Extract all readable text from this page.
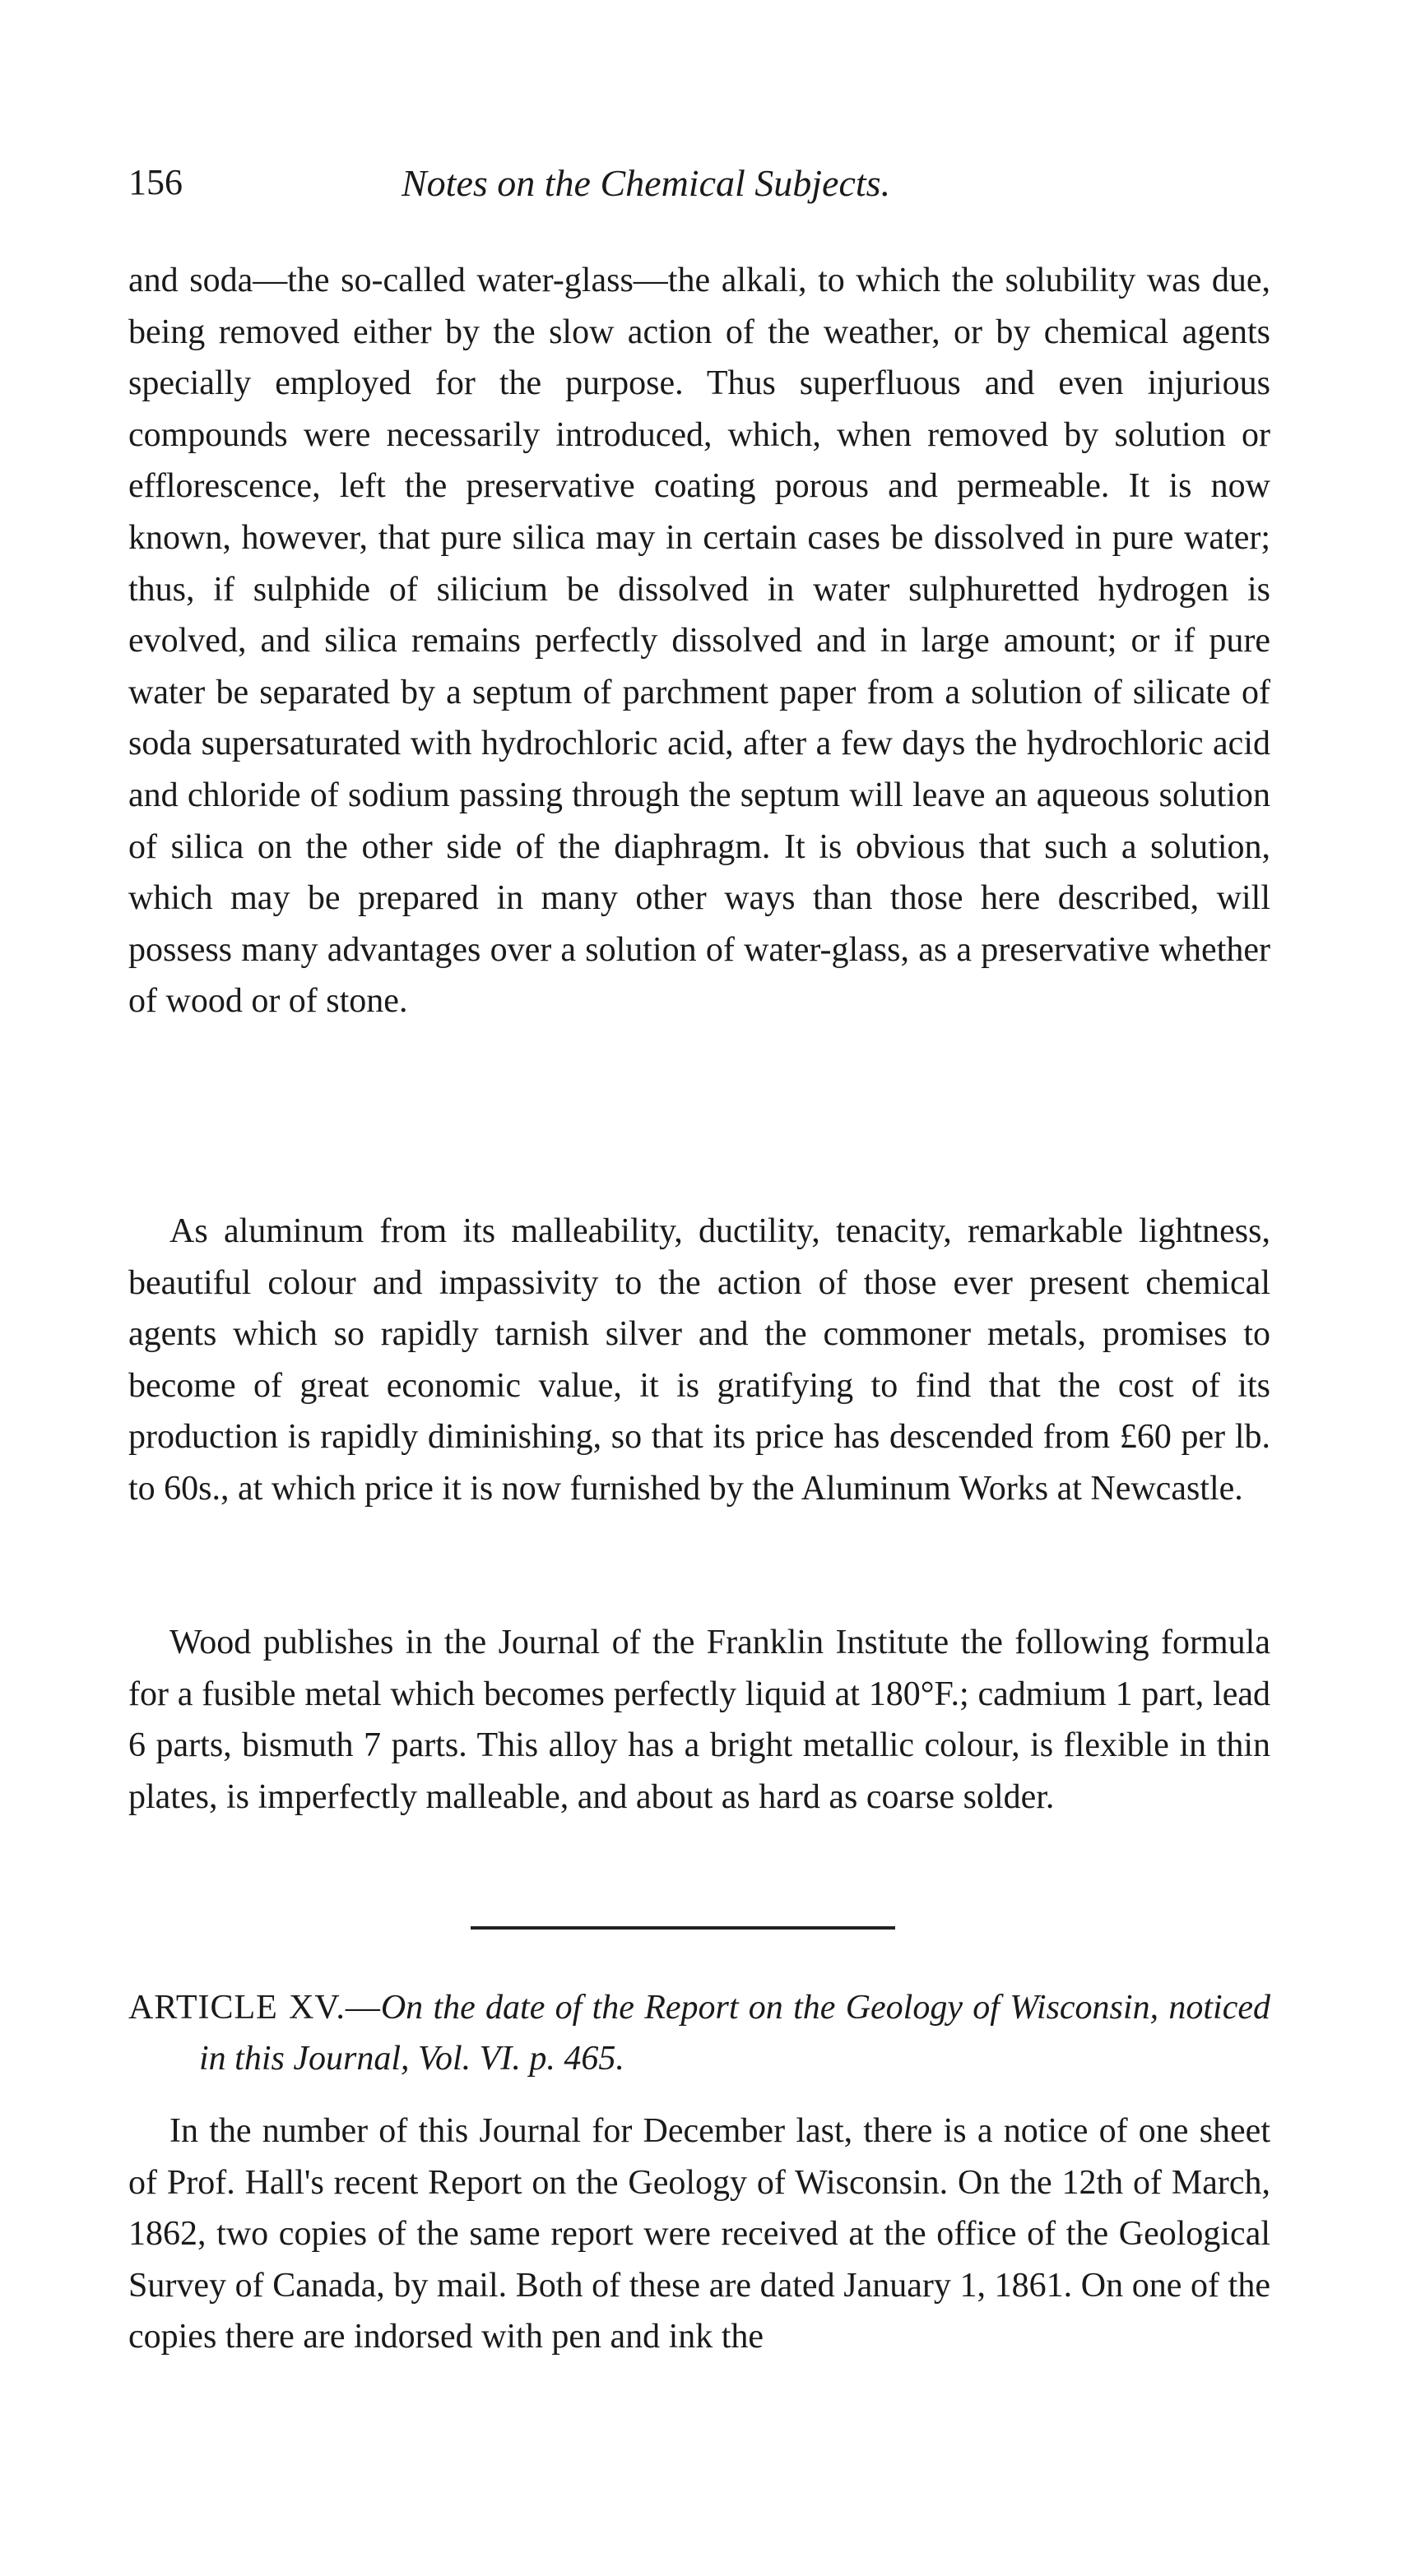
156	Notes on the Chemical Subjects.
and soda—the so-called water-glass—the alkali, to which the solubility was due, being removed either by the slow action of the weather, or by chemical agents specially employed for the purpose. Thus superfluous and even injurious compounds were necessarily introduced, which, when removed by solution or efflorescence, left the preservative coating porous and permeable. It is now known, however, that pure silica may in certain cases be dissolved in pure water; thus, if sulphide of silicium be dissolved in water sulphuretted hydrogen is evolved, and silica remains perfectly dissolved and in large amount; or if pure water be separated by a septum of parchment paper from a solution of silicate of soda supersaturated with hydrochloric acid, after a few days the hydrochloric acid and chloride of sodium passing through the septum will leave an aqueous solution of silica on the other side of the diaphragm. It is obvious that such a solution, which may be prepared in many other ways than those here described, will possess many advantages over a solution of water-glass, as a preservative whether of wood or of stone.
As aluminum from its malleability, ductility, tenacity, remarkable lightness, beautiful colour and impassivity to the action of those ever present chemical agents which so rapidly tarnish silver and the commoner metals, promises to become of great economic value, it is gratifying to find that the cost of its production is rapidly diminishing, so that its price has descended from £60 per lb. to 60s., at which price it is now furnished by the Aluminum Works at Newcastle.
Wood publishes in the Journal of the Franklin Institute the following formula for a fusible metal which becomes perfectly liquid at 180°F.; cadmium 1 part, lead 6 parts, bismuth 7 parts. This alloy has a bright metallic colour, is flexible in thin plates, is imperfectly malleable, and about as hard as coarse solder.
ARTICLE XV.—On the date of the Report on the Geology of Wisconsin, noticed in this Journal, Vol. VI. p. 465.
In the number of this Journal for December last, there is a notice of one sheet of Prof. Hall's recent Report on the Geology of Wisconsin. On the 12th of March, 1862, two copies of the same report were received at the office of the Geological Survey of Canada, by mail. Both of these are dated January 1, 1861. On one of the copies there are indorsed with pen and ink the
